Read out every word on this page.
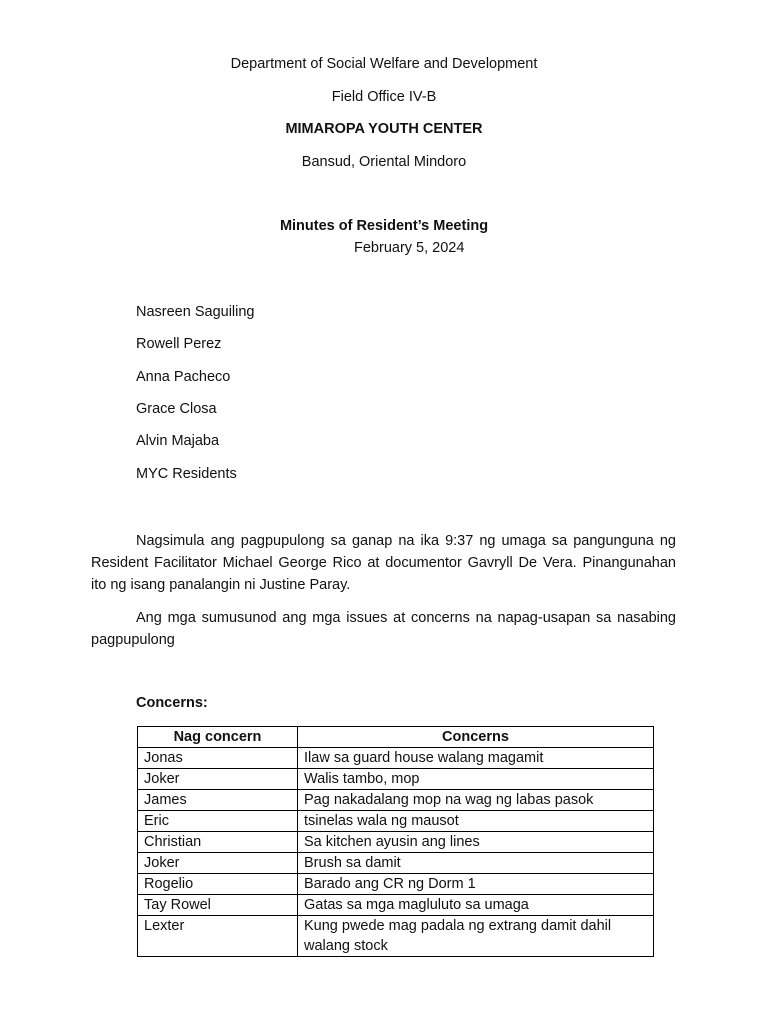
Department of Social Welfare and Development
Field Office IV-B
MIMAROPA YOUTH CENTER
Bansud, Oriental Mindoro
Minutes of Resident’s Meeting
February 5, 2024
Nasreen Saguiling
Rowell Perez
Anna Pacheco
Grace Closa
Alvin Majaba
MYC Residents
Nagsimula ang pagpupulong sa ganap na ika 9:37 ng umaga sa pangunguna ng Resident Facilitator Michael George Rico at documentor Gavryll De Vera. Pinangunahan ito ng isang panalangin ni Justine Paray.
Ang mga sumusunod ang mga issues at concerns na napag-usapan sa nasabing pagpupulong
Concerns:
Nag concern	Concerns
Jonas	Ilaw sa guard house walang magamit
Joker	Walis tambo, mop
James	Pag nakadalang mop na wag ng labas pasok
Eric	tsinelas wala ng mausot
Christian	Sa kitchen ayusin ang lines
Joker	Brush sa damit
Rogelio	Barado ang CR ng Dorm 1
Tay Rowel	Gatas sa mga magluluto sa umaga
Lexter	Kung pwede mag padala ng extrang damit dahil walang stock
